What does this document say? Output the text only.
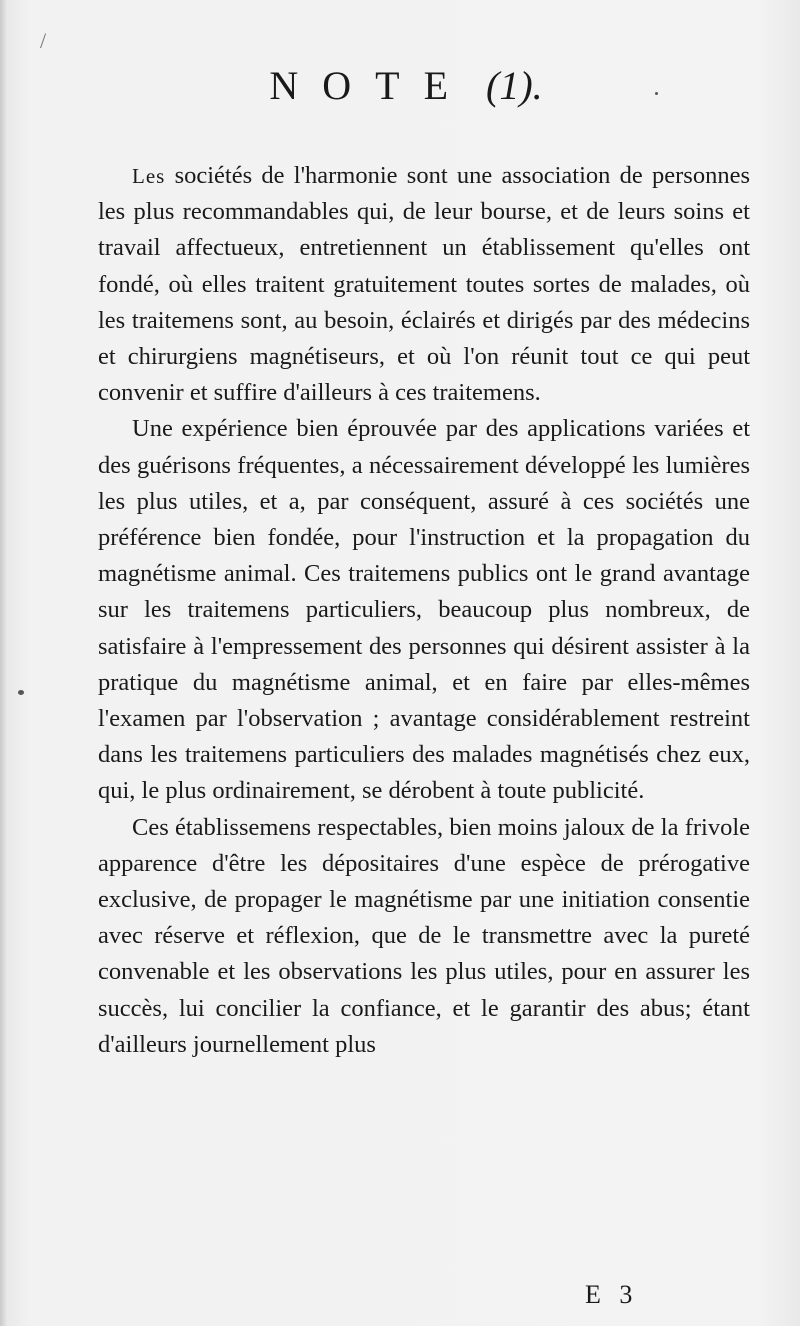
N O T E (1).

Les sociétés de l'harmonie sont une association de personnes les plus recommandables qui, de leur bourse, et de leurs soins et travail affectueux, entretiennent un établissement qu'elles ont fondé, où elles traitent gratuitement toutes sortes de malades, où les traitemens sont, au besoin, éclairés et dirigés par des médecins et chirurgiens magnétiseurs, et où l'on réunit tout ce qui peut convenir et suffire d'ailleurs à ces traitemens.

Une expérience bien éprouvée par des applications variées et des guérisons fréquentes, a nécessairement développé les lumières les plus utiles, et a, par conséquent, assuré à ces sociétés une préférence bien fondée, pour l'instruction et la propagation du magnétisme animal. Ces traitemens publics ont le grand avantage sur les traitemens particuliers, beaucoup plus nombreux, de satisfaire à l'empressement des personnes qui désirent assister à la pratique du magnétisme animal, et en faire par elles-mêmes l'examen par l'observation ; avantage considérablement restreint dans les traitemens particuliers des malades magnétisés chez eux, qui, le plus ordinairement, se dérobent à toute publicité.

Ces établissemens respectables, bien moins jaloux de la frivole apparence d'être les dépositaires d'une espèce de prérogative exclusive, de propager le magnétisme par une initiation consentie avec réserve et réflexion, que de le transmettre avec la pureté convenable et les observations les plus utiles, pour en assurer les succès, lui concilier la confiance, et le garantir des abus; étant d'ailleurs journellement plus

E 3
/
